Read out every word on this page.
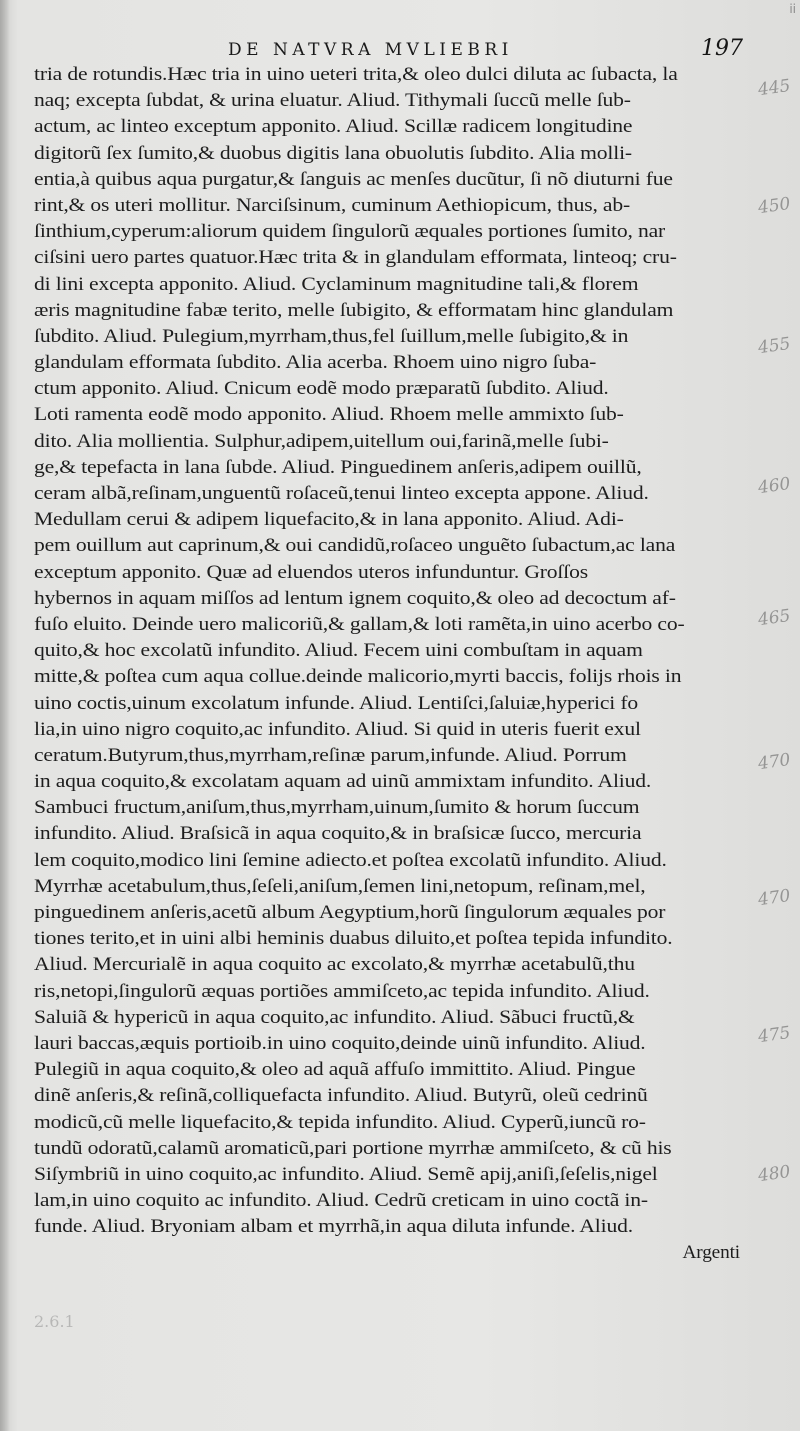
ii
DE NATVRA MVLIEBRI	197
tria de rotundis.Hæc tria in uino ueteri trita,& oleo dulci diluta ac ſubacta, la
naq; excepta ſubdat, & urina eluatur. Aliud. Tithymali ſuccũ melle ſub-
actum, ac linteo exceptum apponito. Aliud. Scillæ radicem longitudine
digitorũ ſex ſumito,& duobus digitis lana obuolutis ſubdito. Alia molli-
entia,à quibus aqua purgatur,& ſanguis ac menſes ducũtur, ſi nõ diuturni fue
rint,& os uteri mollitur. Narciſsinum, cuminum Aethiopicum, thus, ab-
ſinthium,cyperum:aliorum quidem ſingulorũ æquales portiones ſumito, nar
ciſsini uero partes quatuor.Hæc trita & in glandulam efformata, linteoq; cru-
di lini excepta apponito. Aliud. Cyclaminum magnitudine tali,& florem
æris magnitudine fabæ terito, melle ſubigito, & efformatam hinc glandulam
ſubdito. Aliud. Pulegium,myrrham,thus,fel ſuillum,melle ſubigito,& in
glandulam efformata ſubdito. Alia acerba. Rhoem uino nigro ſuba-
ctum apponito. Aliud. Cnicum eodẽ modo præparatũ ſubdito. Aliud.
Loti ramenta eodẽ modo apponito. Aliud. Rhoem melle ammixto ſub-
dito. Alia mollientia. Sulphur,adipem,uitellum oui,farinã,melle ſubi-
ge,& tepefacta in lana ſubde. Aliud. Pinguedinem anſeris,adipem ouillũ,
ceram albã,reſinam,unguentũ roſaceũ,tenui linteo excepta appone. Aliud.
Medullam cerui & adipem liquefacito,& in lana apponito. Aliud. Adi-
pem ouillum aut caprinum,& oui candidũ,roſaceo unguẽto ſubactum,ac lana
exceptum apponito. Quæ ad eluendos uteros infunduntur. Groſſos
hybernos in aquam miſſos ad lentum ignem coquito,& oleo ad decoctum af-
fuſo eluito. Deinde uero malicoriũ,& gallam,& loti ramẽta,in uino acerbo co-
quito,& hoc excolatũ infundito. Aliud. Fecem uini combuſtam in aquam
mitte,& poſtea cum aqua collue.deinde malicorio,myrti baccis, folijs rhois in
uino coctis,uinum excolatum infunde. Aliud. Lentiſci,ſaluiæ,hyperici fo
lia,in uino nigro coquito,ac infundito. Aliud. Si quid in uteris fuerit exul
ceratum.Butyrum,thus,myrrham,reſinæ parum,infunde. Aliud. Porrum
in aqua coquito,& excolatam aquam ad uinũ ammixtam infundito. Aliud.
Sambuci fructum,aniſum,thus,myrrham,uinum,ſumito & horum ſuccum
infundito. Aliud. Braſsicã in aqua coquito,& in braſsicæ ſucco, mercuria
lem coquito,modico lini ſemine adiecto.et poſtea excolatũ infundito. Aliud.
Myrrhæ acetabulum,thus,ſeſeli,aniſum,ſemen lini,netopum, reſinam,mel,
pinguedinem anſeris,acetũ album Aegyptium,horũ ſingulorum æquales por
tiones terito,et in uini albi heminis duabus diluito,et poſtea tepida infundito.
Aliud. Mercurialẽ in aqua coquito ac excolato,& myrrhæ acetabulũ,thu
ris,netopi,ſingulorũ æquas portiões ammiſceto,ac tepida infundito. Aliud.
Saluiã & hypericũ in aqua coquito,ac infundito. Aliud. Sãbuci fructũ,&
lauri baccas,æquis portioib.in uino coquito,deinde uinũ infundito. Aliud.
Pulegiũ in aqua coquito,& oleo ad aquã affuſo immittito. Aliud. Pingue
dinẽ anſeris,& reſinã,colliquefacta infundito. Aliud. Butyrũ, oleũ cedrinũ
modicũ,cũ melle liquefacito,& tepida infundito. Aliud. Cyperũ,iuncũ ro-
tundũ odoratũ,calamũ aromaticũ,pari portione myrrhæ ammiſceto, & cũ his
Siſymbriũ in uino coquito,ac infundito. Aliud. Semẽ apij,aniſi,ſeſelis,nigel
lam,in uino coquito ac infundito. Aliud. Cedrũ creticam in uino coctã in-
funde. Aliud. Bryoniam albam et myrrhã,in aqua diluta infunde. Aliud.
Argenti
445
450
455
460
465
470
470
475
480
2.6.1
